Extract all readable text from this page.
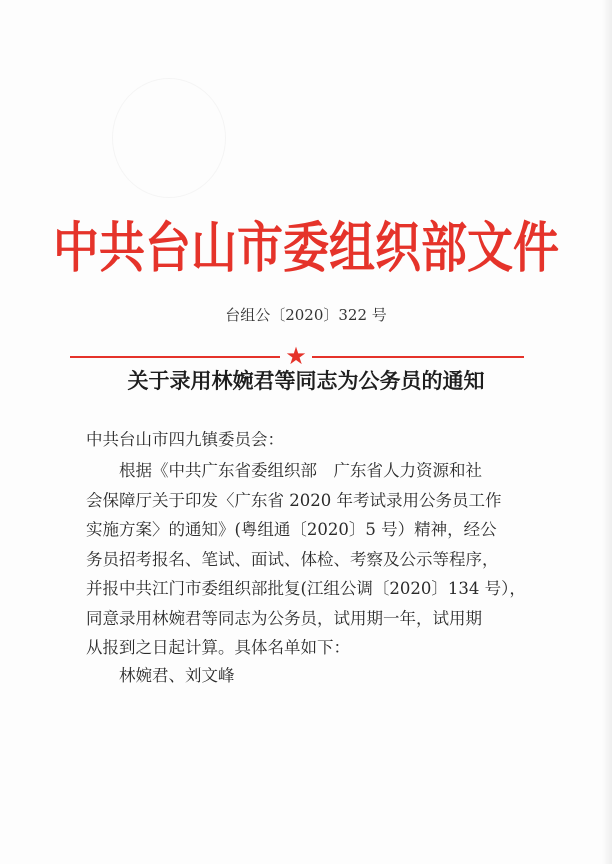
中共台山市委组织部文件
台组公〔2020〕322 号
★
关于录用林婉君等同志为公务员的通知
中共台山市四九镇委员会：
根据《中共广东省委组织部　广东省人力资源和社
会保障厅关于印发〈广东省 2020 年考试录用公务员工作
实施方案〉的通知》(粤组通〔2020〕5 号）精神，经公
务员招考报名、笔试、面试、体检、考察及公示等程序，
并报中共江门市委组织部批复(江组公调〔2020〕134 号），
同意录用林婉君等同志为公务员，试用期一年，试用期
从报到之日起计算。具体名单如下：
林婉君、刘文峰
